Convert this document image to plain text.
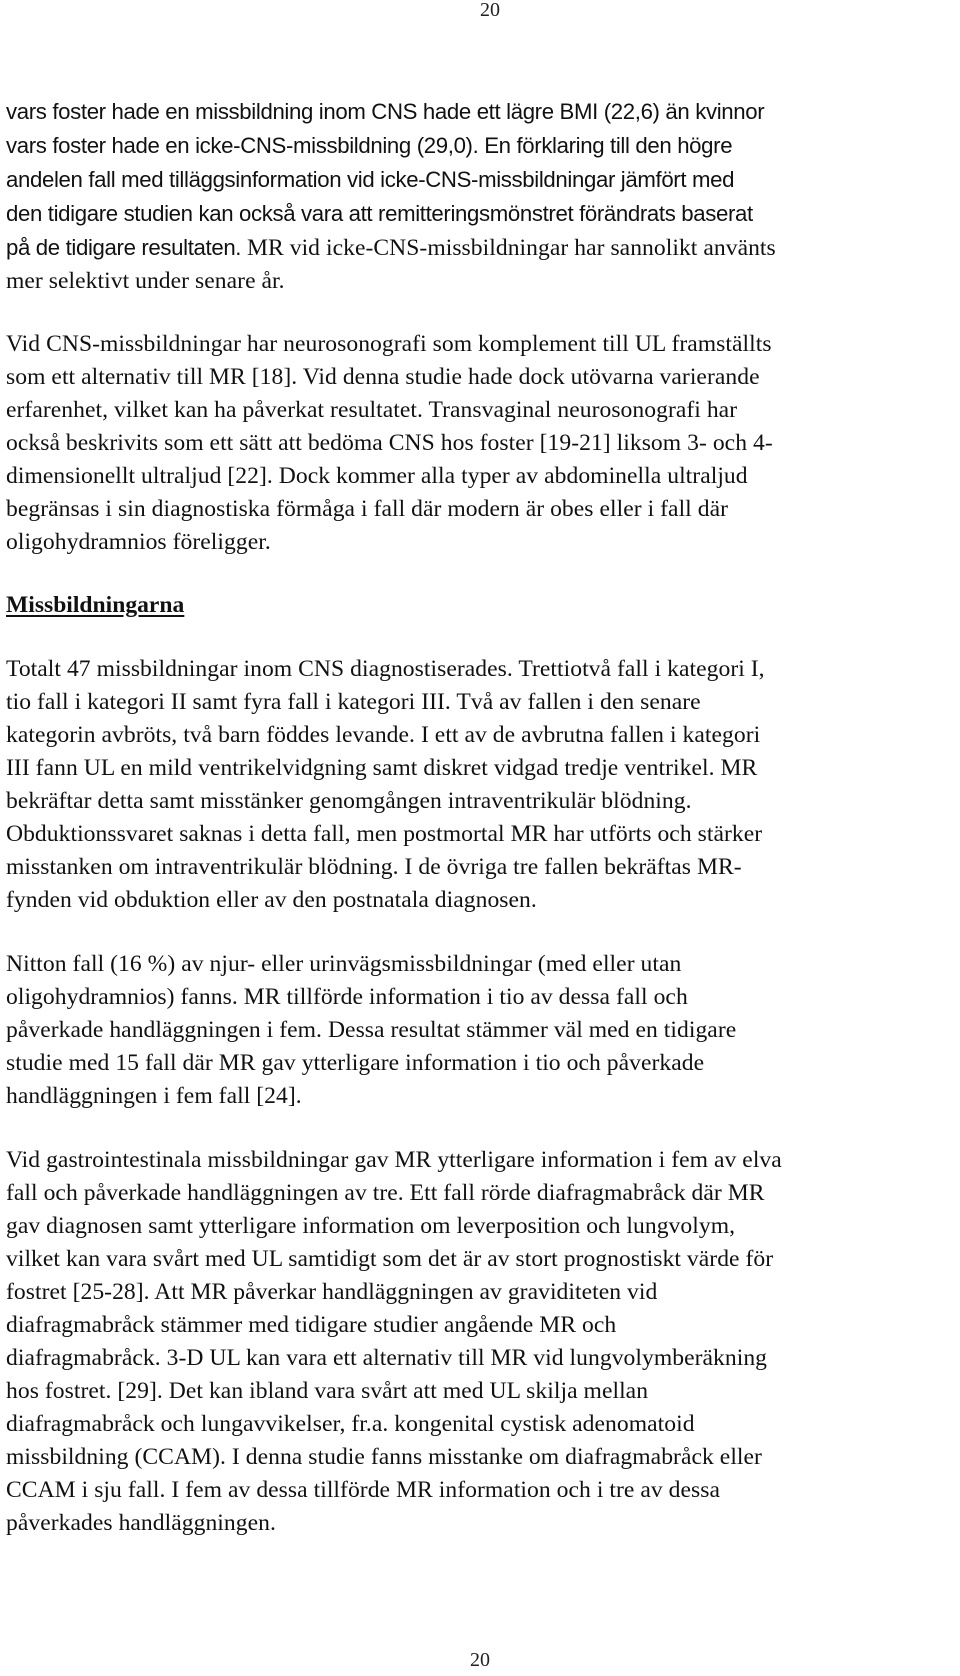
20

vars foster hade en missbildning inom CNS hade ett lägre BMI (22,6) än kvinnor
vars foster hade en icke-CNS-missbildning (29,0). En förklaring till den högre
andelen fall med tilläggsinformation vid icke-CNS-missbildningar jämfört med
den tidigare studien kan också vara att remitteringsmönstret förändrats baserat
på de tidigare resultaten. MR vid icke-CNS-missbildningar har sannolikt använts
mer selektivt under senare år.

Vid CNS-missbildningar har neurosonografi som komplement till UL framställts
som ett alternativ till MR [18]. Vid denna studie hade dock utövarna varierande
erfarenhet, vilket kan ha påverkat resultatet. Transvaginal neurosonografi har
också beskrivits som ett sätt att bedöma CNS hos foster [19-21] liksom 3- och 4-
dimensionellt ultraljud [22]. Dock kommer alla typer av abdominella ultraljud
begränsas i sin diagnostiska förmåga i fall där modern är obes eller i fall där
oligohydramnios föreligger.

Missbildningarna

Totalt 47 missbildningar inom CNS diagnostiserades. Trettiotvå fall i kategori I,
tio fall i kategori II samt fyra fall i kategori III. Två av fallen i den senare
kategorin avbröts, två barn föddes levande. I ett av de avbrutna fallen i kategori
III fann UL en mild ventrikelvidgning samt diskret vidgad tredje ventrikel. MR
bekräftar detta samt misstänker genomgången intraventrikulär blödning.
Obduktionssvaret saknas i detta fall, men postmortal MR har utförts och stärker
misstanken om intraventrikulär blödning. I de övriga tre fallen bekräftas MR-
fynden vid obduktion eller av den postnatala diagnosen.

Nitton fall (16 %) av njur- eller urinvägsmissbildningar (med eller utan
oligohydramnios) fanns. MR tillförde information i tio av dessa fall och
påverkade handläggningen i fem. Dessa resultat stämmer väl med en tidigare
studie med 15 fall där MR gav ytterligare information i tio och påverkade
handläggningen i fem fall [24].

Vid gastrointestinala missbildningar gav MR ytterligare information i fem av elva
fall och påverkade handläggningen av tre. Ett fall rörde diafragmabråck där MR
gav diagnosen samt ytterligare information om leverposition och lungvolym,
vilket kan vara svårt med UL samtidigt som det är av stort prognostiskt värde för
fostret [25-28]. Att MR påverkar handläggningen av graviditeten vid
diafragmabråck stämmer med tidigare studier angående MR och
diafragmabråck. 3-D UL kan vara ett alternativ till MR vid lungvolymberäkning
hos fostret. [29]. Det kan ibland vara svårt att med UL skilja mellan
diafragmabråck och lungavvikelser, fr.a. kongenital cystisk adenomatoid
missbildning (CCAM). I denna studie fanns misstanke om diafragmabråck eller
CCAM i sju fall. I fem av dessa tillförde MR information och i tre av dessa
påverkades handläggningen.

20
